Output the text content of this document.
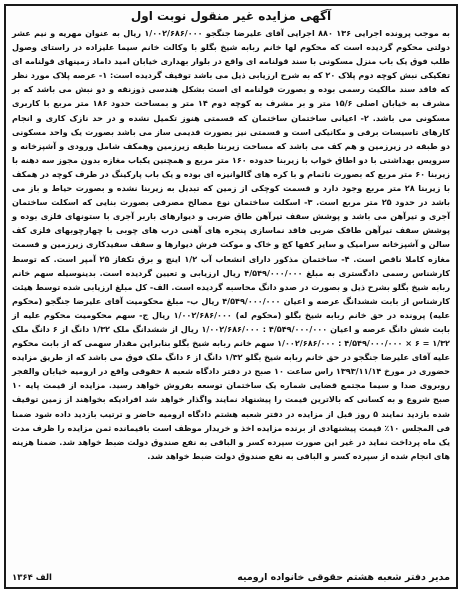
آگهی مزایده غیر منقول نوبت اول

به موجب پرونده اجرایی ۱۳۶ ۸۸۰ اجرایی آقای علیرضا جنگجو ۱/۰۰۲/۶۸۶/۰۰۰ ریال به عنوان مهریه و نیم عشر دولتی محکوم گردیده است که محکوم لها خانم ربابه شیخ بگلو با وکالت خانم سیما علیزاده در راستای وصول طلب فوق یک باب منزل مسکونی با سند قولنامه ای واقع در بلوار بهداری خیابان امید داماد زمینهای قولنامه ای تفکیکی نبش کوچه دوم پلاک ۲۰ که به شرح ارزیابی ذیل می باشد توقیف گردیده است: ۱- عرصه پلاک مورد نظر که فاقد سند مالکیت رسمی بوده و بصورت قولنامه ای است بشکل هندسی ذوزنقه و دو نبش می باشد که بر مشرف به خیابان اصلی ۱۵/۶ متر و بر مشرف به کوچه دوم ۱۴ متر و بمساحت حدود ۱۸۶ متر مربع با کاربری مسکونی می باشد. ۲- اعیانی ساختمان ساختمان که قسمتی هنوز تکمیل نشده و در حد نازک کاری و انجام کارهای تاسیسات برقی و مکانیکی است و قسمتی نیز بصورت قدیمی ساز می باشد بصورت یک واحد مسکونی دو طبقه در زیرزمین و هم کف می باشد که مساحت زیربنا طبقه زیرزمین وهمکف شامل ورودی و آشپزخانه و سرویس بهداشتی با دو اطاق خواب با زیربنا حدوده ۱۶۰ متر مربع و همچنین یکباب مغازه بدون مجوز سه دهنه با زیربنا ۶۰ متر مربع که بصورت ناتمام و با کره های گالوانیزه ای بوده و یک باب پارکینگ در طرف کوچه در همکف با زیربنا ۲۸ متر مربع وجود دارد و قسمت کوچکی از زمین که تبدیل به زیربنا نشده و بصورت حیاط و باز می باشد در حدود ۲۵ متر مربع است. ۳- اسکلت ساختمان نوع مصالح مصرفی بصورت بنایی که اسکلت ساختمان آجری و تیرآهن می باشد و پوشش سقف تیرآهن طاق ضربی و دیوارهای باربر آجری با ستونهای فلزی بوده و پوشش سقف تیرآهن طاقک ضربی فاقد نماسازی پنجره های آهنی درب های چوبی با چهارچوبهای فلزی کف سالن و آشپزخانه سرامیک و سایر کفها کچ و خاک و موکت فرش دیوارها و سقف سفیدکاری زیرزمین و قسمت مغازه کاملا ناقص است. ۴- ساختمان مذکور دارای انشعاب آب ۱/۲ اینچ و برق تکفاز ۲۵ آمپر است. که توسط کارشناس رسمی دادگستری به مبلغ ۴/۵۴۹/۰۰۰/۰۰۰ ریال ارزیابی و تعیین گردیده است. بدینوسیله سهم خانم ربابه شیخ بگلو بشرح ذیل و بصورت در صدو دانگ محاسبه گردیده است. الف- کل مبلغ ارزیابی شده توسط هیئت کارشناس از بابت ششدانگ عرصه و اعیان ۴/۵۴۹/۰۰۰/۰۰۰ ریال ب- مبلغ محکومیت آقای علیرضا جنگجو (محکوم علیه) پرونده در حق خانم ربابه شیخ بگلو (محکوم له) ۱/۰۰۲/۶۸۶/۰۰۰ ریال ج- سهم محکومیت محکوم علیه از بابت شش دانگ عرصه و اعیان ۴/۵۴۹/۰۰۰/۰۰۰ : ۱/۰۰۲/۶۸۶/۰۰۰ ریال از ششدانگ ملک ۱/۳۲ دانگ از ۶ دانگ ملک ۱/۳۲ = ۶ × ۴/۵۴۹/۰۰۰/۰۰۰ : ۱/۰۰۲/۶۸۶/۰۰۰ سهم خانم ربابه شیخ بگلو بنابراین مقدار سهمی که از بابت محکوم علیه آقای علیرضا جنگجو در حق خانم ربابه شیخ بگلو ۱/۳۲ دانگ از ۶ دانگ ملک فوق می باشد که از طریق مزایده حضوری در مورخ ۱۳۹۳/۱۱/۱۴ راس ساعت ۱۰ صبح در دفتر دادگاه شعبه ۸ حقوقی واقع در ارومیه خیابان والفجر روبروی صدا و سیما مجتمع قضایی شماره یک ساختمان توسعه بفروش خواهد رسید. مزایده از قیمت پایه ۱۰ صبح شروع و به کسانی که بالاترین قیمت را پیشنهاد نمایند واگذار خواهد شد افرادیکه بخواهند از زمین توقیف شده بازدید نمایند ۵ روز قبل از مزایده در دفتر شعبه هشتم دادگاه ارومیه حاضر و ترتیب بازدید داده شود ضمنا فی المجلس ۱۰٪ قیمت پیشنهادی از برنده مزایده اخذ و خریدار موظف است باقیمانده ثمن مزایده را ظرف مدت یک ماه پرداخت نماید در غیر این صورت سپرده کسر و الباقی به نفع صندوق دولت ضبط خواهد شد. ضمنا هزینه های انجام شده از سپرده کسر و الباقی به نفع صندوق دولت ضبط خواهد شد.

مدیر دفتر شعبه هشتم حقوقی خانواده ارومیه
الف ۱۳۶۴
